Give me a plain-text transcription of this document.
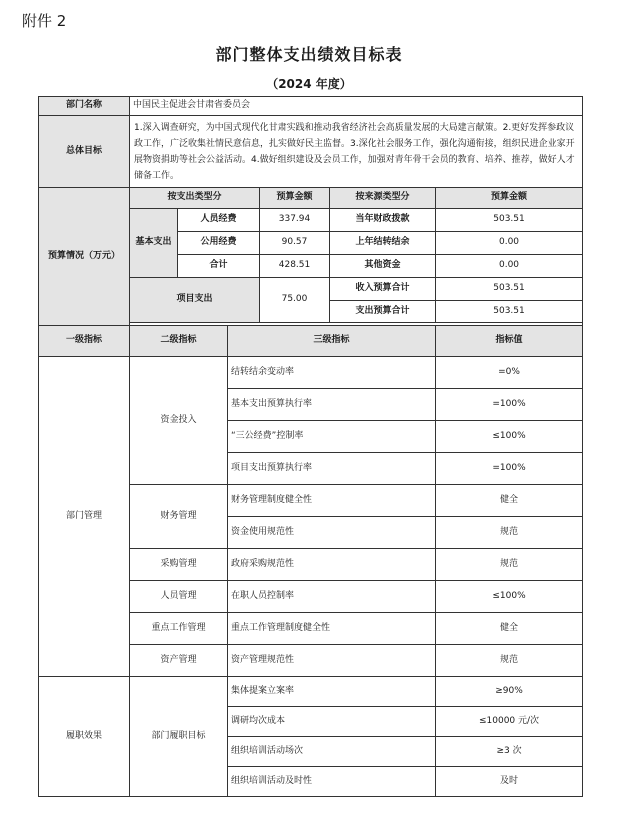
附件 2
部门整体支出绩效目标表
（2024 年度）
部门名称	中国民主促进会甘肃省委员会					
总体目标	1.深入调查研究，为中国式现代化甘肃实践和推动我省经济社会高质量发展的大局建言献策。2.更好发挥参政议政工作，广泛收集社情民意信息，扎实做好民主监督。3.深化社会服务工作，强化沟通衔接，组织民进企业家开展物资捐助等社会公益活动。4.做好组织建设及会员工作，加强对青年骨干会员的教育、培养、推荐，做好人才储备工作。					
预算情况（万元）	按支出类型分			预算金额	按来源类型分	预算金额
	基本支出	人员经费		337.94	当年财政拨款	503.51
		公用经费		90.57	上年结转结余	0.00
		合计		428.51	其他资金	0.00
	项目支出			75.00	收入预算合计	503.51
					支出预算合计	503.51

一级指标	二级指标		三级指标			指标值
部门管理	资金投入		结转结余变动率			=0%
			基本支出预算执行率			=100%
			“三公经费”控制率			≤100%
			项目支出预算执行率			=100%
	财务管理		财务管理制度健全性			健全
			资金使用规范性			规范
	采购管理		政府采购规范性			规范
	人员管理		在职人员控制率			≤100%
	重点工作管理		重点工作管理制度健全性			健全
	资产管理		资产管理规范性			规范
履职效果	部门履职目标		集体提案立案率			≥90%
			调研均次成本			≤10000 元/次
			组织培训活动场次			≥3 次
			组织培训活动及时性			及时
